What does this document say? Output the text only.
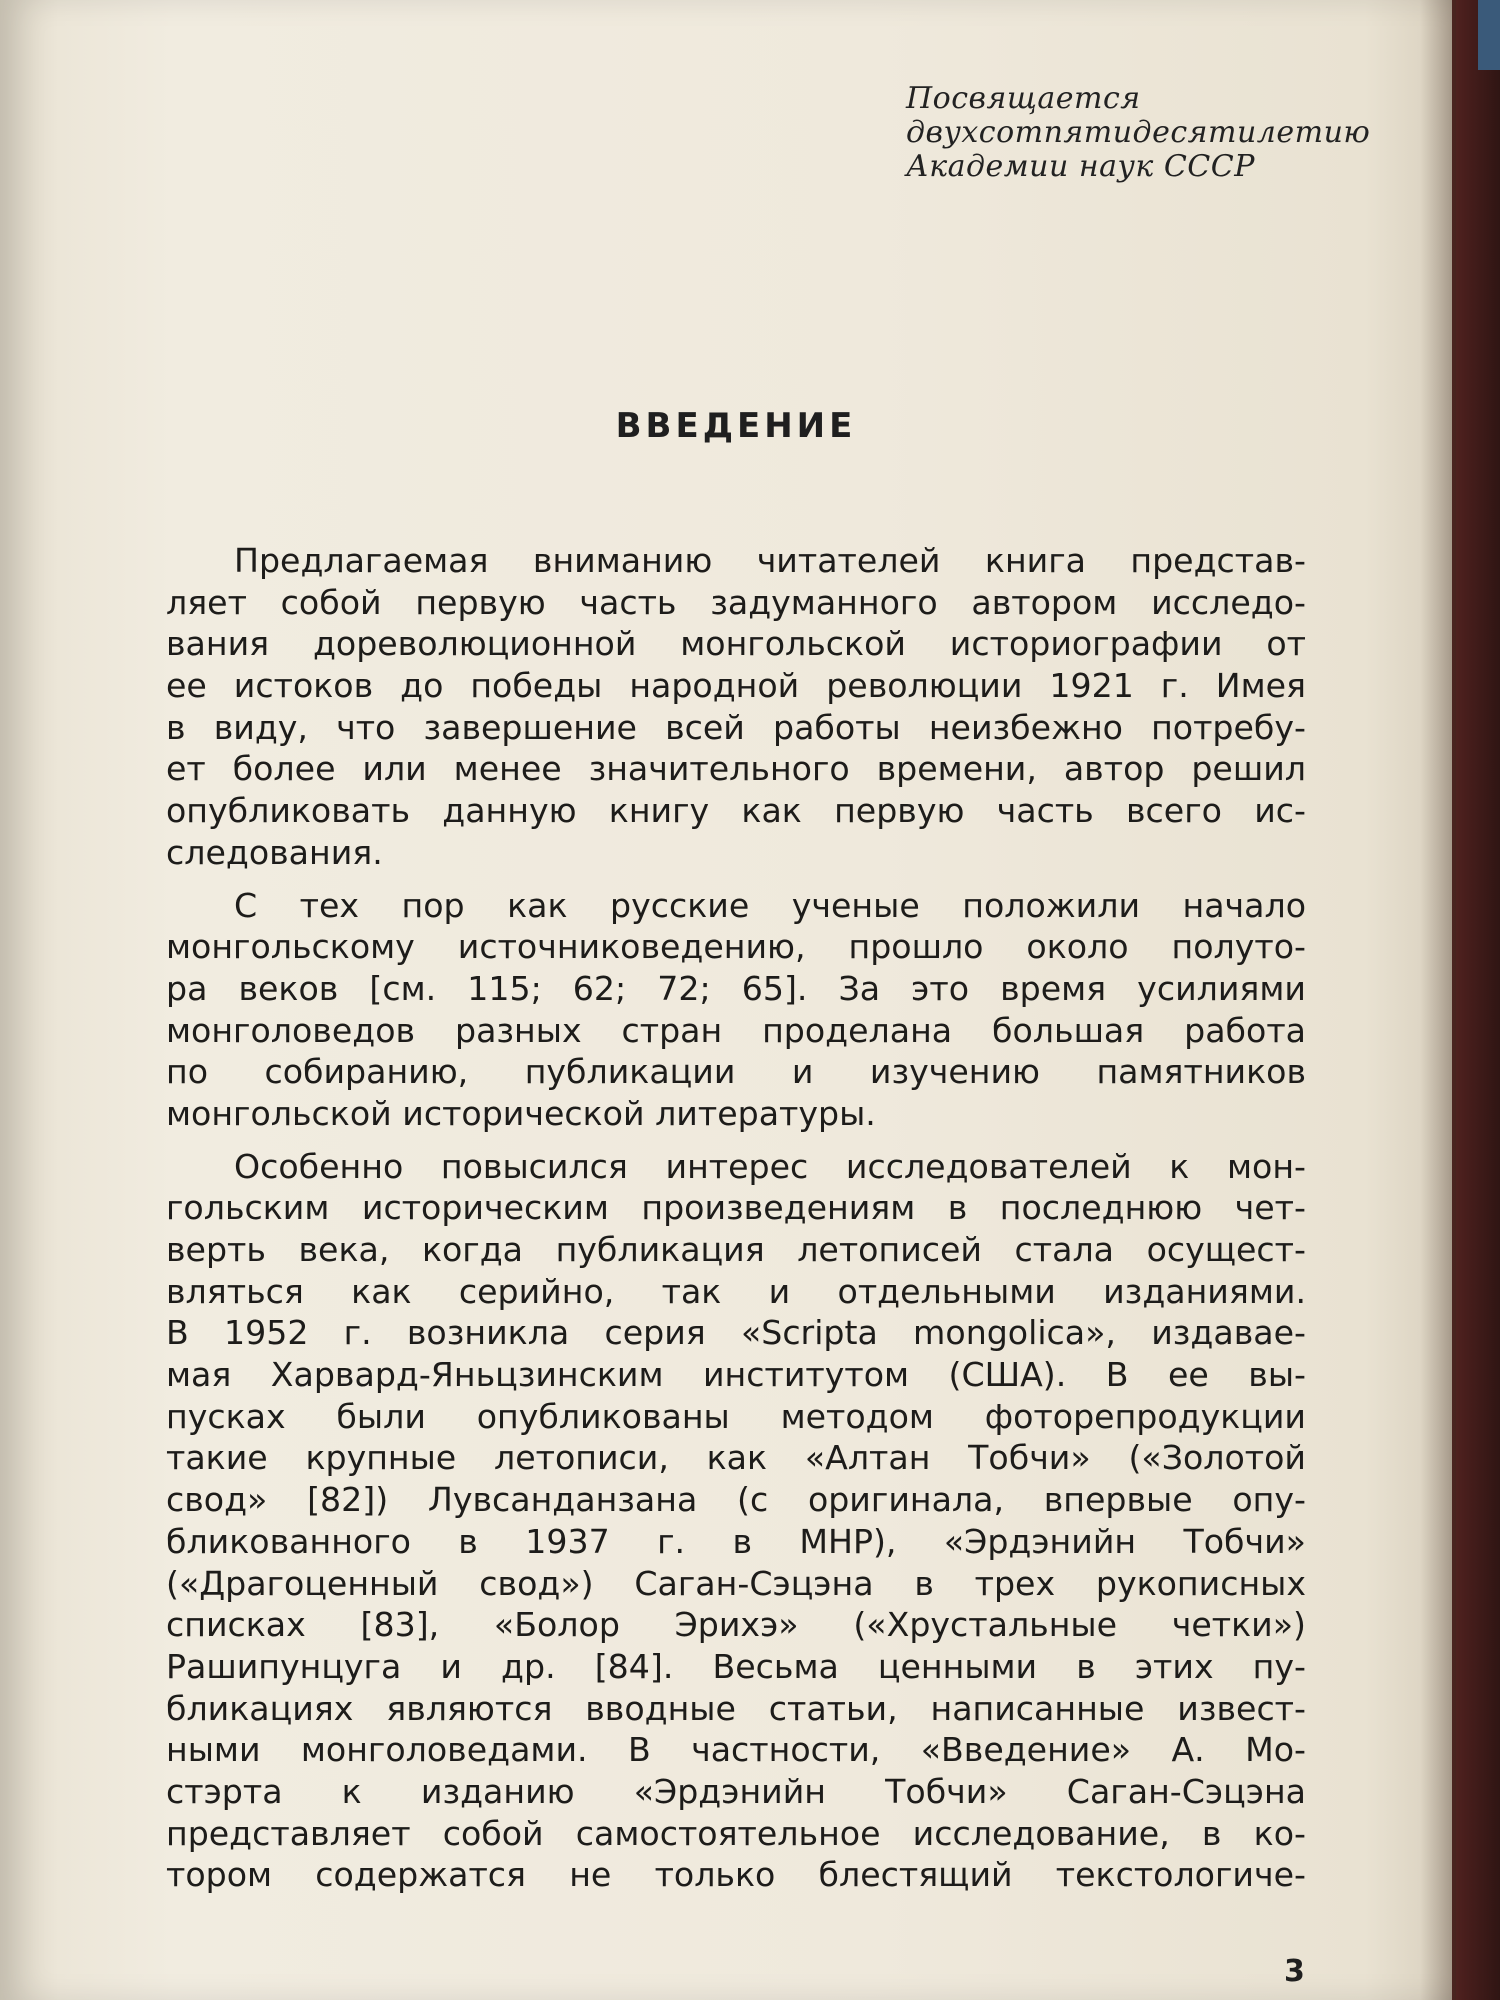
Посвящается
двухсотпятидесятилетию
Академии наук СССР
ВВЕДЕНИЕ
Предлагаемая вниманию читателей книга представ-
ляет собой первую часть задуманного автором исследо-
вания дореволюционной монгольской историографии от
ее истоков до победы народной революции 1921 г. Имея
в виду, что завершение всей работы неизбежно потребу-
ет более или менее значительного времени, автор решил
опубликовать данную книгу как первую часть всего ис-
следования.
С тех пор как русские ученые положили начало
монгольскому источниковедению, прошло около полуто-
ра веков [см. 115; 62; 72; 65]. За это время усилиями
монголоведов разных стран проделана большая работа
по собиранию, публикации и изучению памятников
монгольской исторической литературы.
Особенно повысился интерес исследователей к мон-
гольским историческим произведениям в последнюю чет-
верть века, когда публикация летописей стала осущест-
вляться как серийно, так и отдельными изданиями.
В 1952 г. возникла серия «Scripta mongolica», издавае-
мая Харвард-Яньцзинским институтом (США). В ее вы-
пусках были опубликованы методом фоторепродукции
такие крупные летописи, как «Алтан Тобчи» («Золотой
свод» [82]) Лувсанданзана (с оригинала, впервые опу-
бликованного в 1937 г. в МНР), «Эрдэнийн Тобчи»
(«Драгоценный свод») Саган-Сэцэна в трех рукописных
списках [83], «Болор Эрихэ» («Хрустальные четки»)
Рашипунцуга и др. [84]. Весьма ценными в этих пу-
бликациях являются вводные статьи, написанные извест-
ными монголоведами. В частности, «Введение» А. Мо-
стэрта к изданию «Эрдэнийн Тобчи» Саган-Сэцэна
представляет собой самостоятельное исследование, в ко-
тором содержатся не только блестящий текстологиче-
3
